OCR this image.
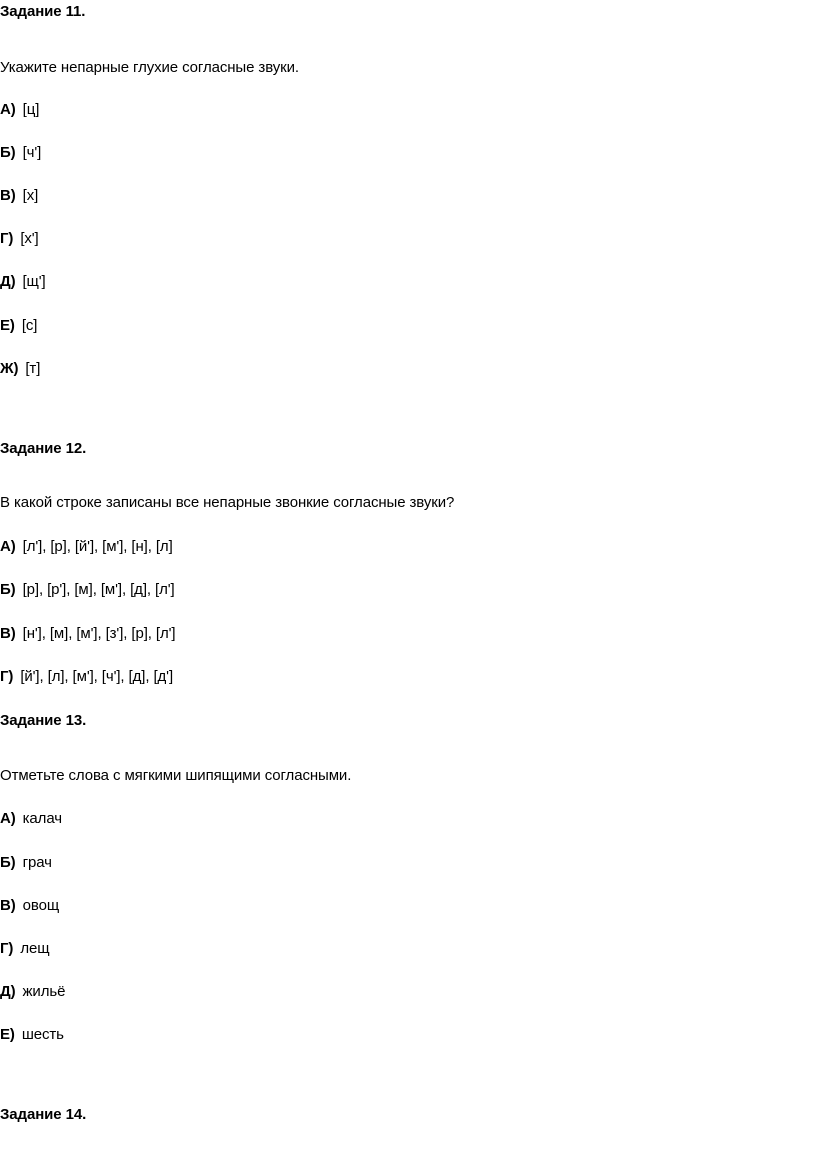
Задание 11.
Укажите непарные глухие согласные звуки.
А) [ц]
Б) [ч']
В) [х]
Г) [х']
Д) [щ']
Е) [с]
Ж) [т]
Задание 12.
В какой строке записаны все непарные звонкие согласные звуки?
А) [л'], [р], [й'], [м'], [н], [л]
Б) [р], [р'], [м], [м'], [д], [л']
В) [н'], [м], [м'], [з'], [р], [л']
Г) [й'], [л], [м'], [ч'], [д], [д']
Задание 13.
Отметьте слова с мягкими шипящими согласными.
А) калач
Б) грач
В) овощ
Г) лещ
Д) жильё
Е) шесть
Задание 14.
